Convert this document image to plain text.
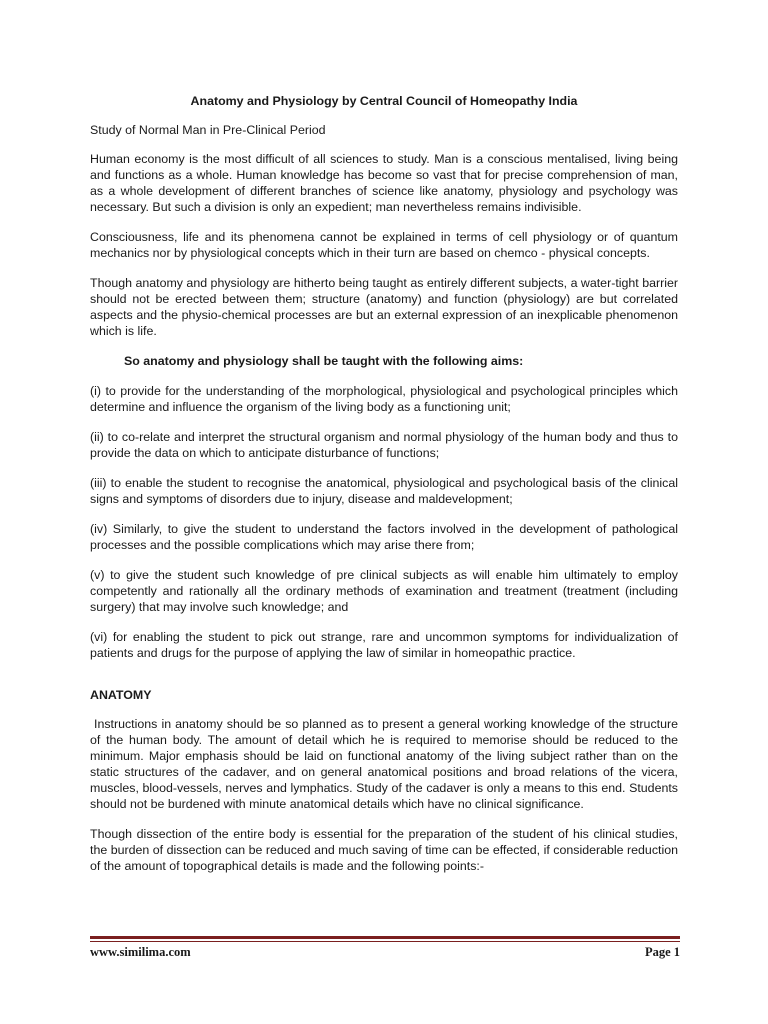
Anatomy and Physiology by Central Council of Homeopathy India
Study of Normal Man in Pre-Clinical Period

Human economy is the most difficult of all sciences to study. Man is a conscious mentalised, living being and functions as a whole. Human knowledge has become so vast that for precise comprehension of man, as a whole development of different branches of science like anatomy, physiology and psychology was necessary. But such a division is only an expedient; man nevertheless remains indivisible.

Consciousness, life and its phenomena cannot be explained in terms of cell physiology or of quantum mechanics nor by physiological concepts which in their turn are based on chemco - physical concepts.

Though anatomy and physiology are hitherto being taught as entirely different subjects, a water-tight barrier should not be erected between them; structure (anatomy) and function (physiology) are but correlated aspects and the physio-chemical processes are but an external expression of an inexplicable phenomenon which is life.

So anatomy and physiology shall be taught with the following aims:

(i) to provide for the understanding of the morphological, physiological and psychological principles which determine and influence the organism of the living body as a functioning unit;

(ii) to co-relate and interpret the structural organism and normal physiology of the human body and thus to provide the data on which to anticipate disturbance of functions;

(iii) to enable the student to recognise the anatomical, physiological and psychological basis of the clinical signs and symptoms of disorders due to injury, disease and maldevelopment;

(iv) Similarly, to give the student to understand the factors involved in the development of pathological processes and the possible complications which may arise there from;

(v) to give the student such knowledge of pre clinical subjects as will enable him ultimately to employ competently and rationally all the ordinary methods of examination and treatment (treatment (including surgery) that may involve such knowledge; and

(vi) for enabling the student to pick out strange, rare and uncommon symptoms for individualization of patients and drugs for the purpose of applying the law of similar in homeopathic practice.

ANATOMY

Instructions in anatomy should be so planned as to present a general working knowledge of the structure of the human body. The amount of detail which he is required to memorise should be reduced to the minimum. Major emphasis should be laid on functional anatomy of the living subject rather than on the static structures of the cadaver, and on general anatomical positions and broad relations of the vicera, muscles, blood-vessels, nerves and lymphatics. Study of the cadaver is only a means to this end. Students should not be burdened with minute anatomical details which have no clinical significance.

Though dissection of the entire body is essential for the preparation of the student of his clinical studies, the burden of dissection can be reduced and much saving of time can be effected, if considerable reduction of the amount of topographical details is made and the following points:-

www.similima.com	Page 1
